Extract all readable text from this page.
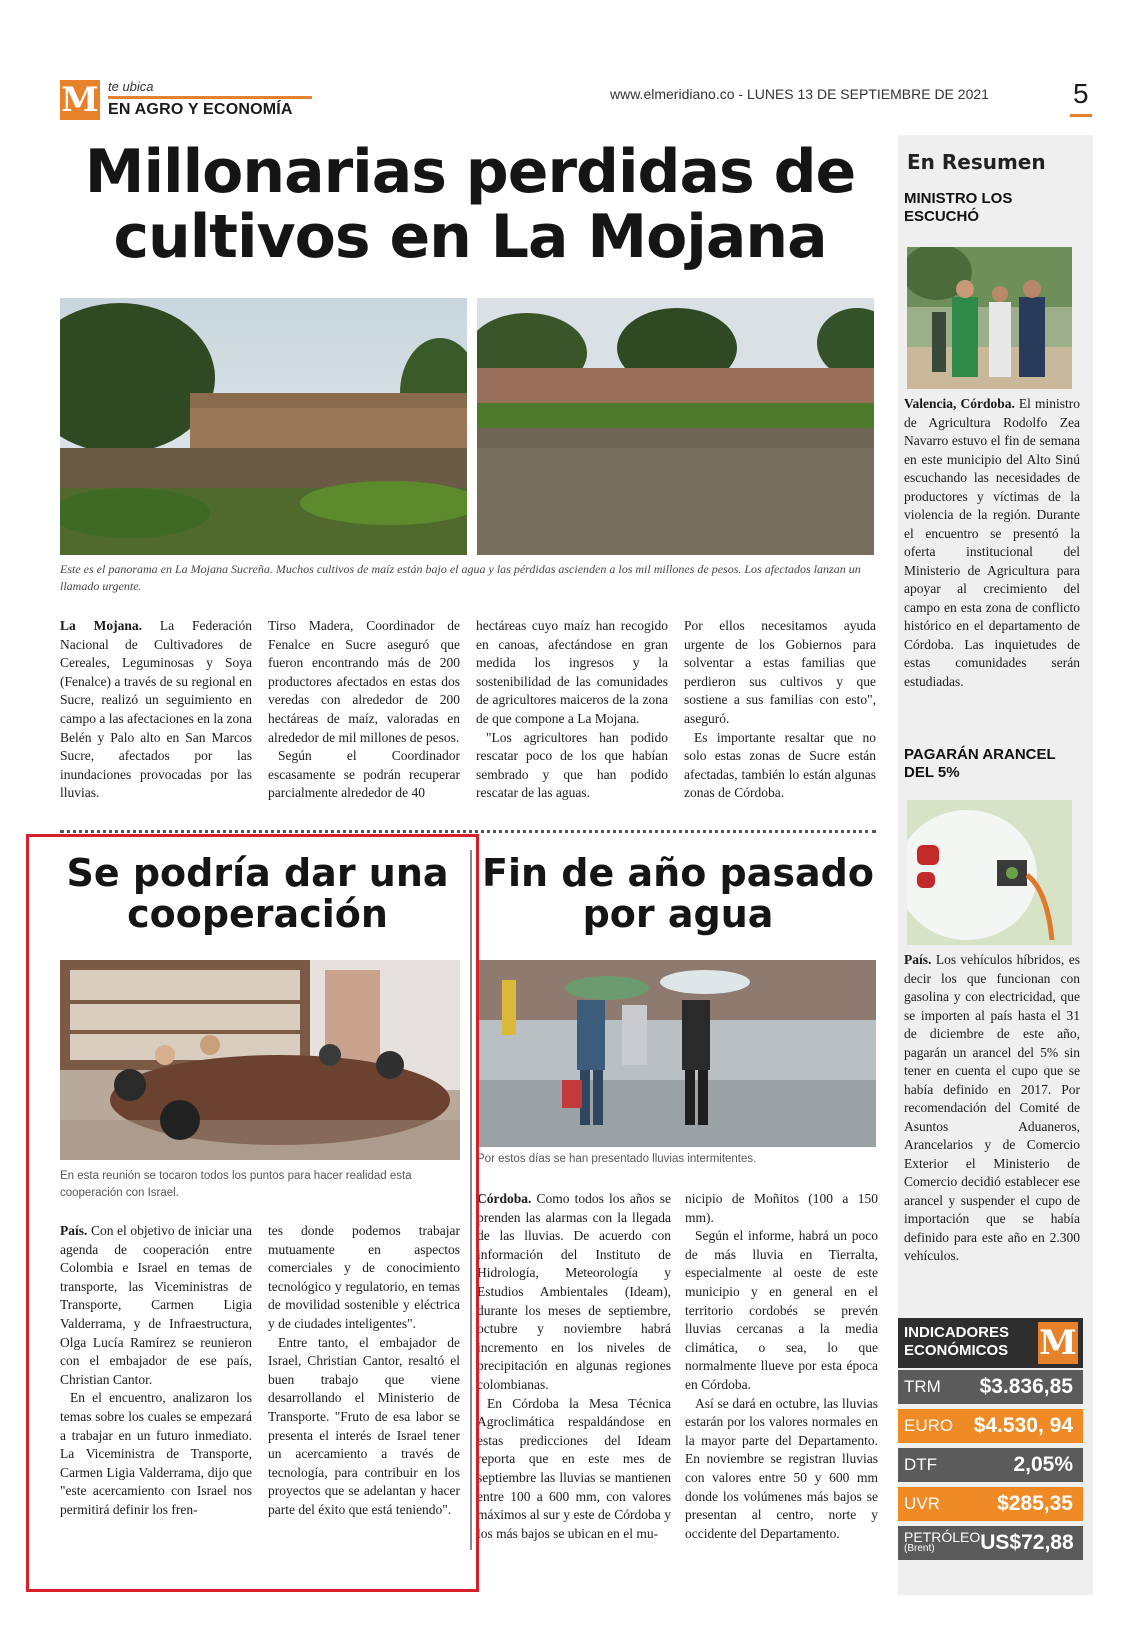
M te ubica
EN AGRO Y ECONOMÍA
www.elmeridiano.co - LUNES 13 DE SEPTIEMBRE DE 2021	5
Millonarias perdidas de cultivos en La Mojana
Este es el panorama en La Mojana Sucreña. Muchos cultivos de maíz están bajo el agua y las pérdidas ascienden a los mil millones de pesos. Los afectados lanzan un llamado urgente.

La Mojana. La Federación Nacional de Cultivadores de Cereales, Leguminosas y Soya (Fenalce) a través de su regional en Sucre, realizó un seguimiento en campo a las afectaciones en la zona Belén y Palo alto en San Marcos Sucre, afectados por las inundaciones provocadas por las lluvias.

Tirso Madera, Coordinador de Fenalce en Sucre aseguró que fueron encontrando más de 200 productores afectados en estas dos veredas con alrededor de 200 hectáreas de maíz, valoradas en alrededor de mil millones de pesos.

Según el Coordinador escasamente se podrán recuperar parcialmente alrededor de 40

hectáreas cuyo maíz han recogido en canoas, afectándose en gran medida los ingresos y la sostenibilidad de las comunidades de agricultores maiceros de la zona de que compone a La Mojana.

"Los agricultores han podido rescatar poco de los que habían sembrado y que han podido rescatar de las aguas.

Por ellos necesitamos ayuda urgente de los Gobiernos para solventar a estas familias que perdieron sus cultivos y que sostiene a sus familias con esto", aseguró.

Es importante resaltar que no solo estas zonas de Sucre están afectadas, también lo están algunas zonas de Córdoba.

Se podría dar una cooperación
En esta reunión se tocaron todos los puntos para hacer realidad esta cooperación con Israel.

País. Con el objetivo de iniciar una agenda de cooperación entre Colombia e Israel en temas de transporte, las Viceministras de Transporte, Carmen Ligia Valderrama, y de Infraestructura, Olga Lucía Ramírez se reunieron con el embajador de ese país, Christian Cantor.

En el encuentro, analizaron los temas sobre los cuales se empezará a trabajar en un futuro inmediato. La Viceministra de Transporte, Carmen Ligia Valderrama, dijo que "este acercamiento con Israel nos permitirá definir los fren-

tes donde podemos trabajar mutuamente en aspectos comerciales y de conocimiento tecnológico y regulatorio, en temas de movilidad sostenible y eléctrica y de ciudades inteligentes".

Entre tanto, el embajador de Israel, Christian Cantor, resaltó el buen trabajo que viene desarrollando el Ministerio de Transporte. "Fruto de esa labor se presenta el interés de Israel tener un acercamiento a través de tecnología, para contribuir en los proyectos que se adelantan y hacer parte del éxito que está teniendo".

Fin de año pasado por agua
Por estos días se han presentado lluvias intermitentes.

Córdoba. Como todos los años se prenden las alarmas con la llegada de las lluvias. De acuerdo con información del Instituto de Hidrología, Meteorología y Estudios Ambientales (Ideam), durante los meses de septiembre, octubre y noviembre habrá incremento en los niveles de precipitación en algunas regiones colombianas.

En Córdoba la Mesa Técnica Agroclimática respaldándose en estas predicciones del Ideam reporta que en este mes de septiembre las lluvias se mantienen entre 100 a 600 mm, con valores máximos al sur y este de Córdoba y los más bajos se ubican en el mu-

nicipio de Moñitos (100 a 150 mm).

Según el informe, habrá un poco de más lluvia en Tierralta, especialmente al oeste de este municipio y en general en el territorio cordobés se prevén lluvias cercanas a la media climática, o sea, lo que normalmente llueve por esta época en Córdoba.

Así se dará en octubre, las lluvias estarán por los valores normales en la mayor parte del Departamento. En noviembre se registran lluvias con valores entre 50 y 600 mm donde los volúmenes más bajos se presentan al centro, norte y occidente del Departamento.

En Resumen
MINISTRO LOS ESCUCHÓ
Valencia, Córdoba. El ministro de Agricultura Rodolfo Zea Navarro estuvo el fin de semana en este municipio del Alto Sinú escuchando las necesidades de productores y víctimas de la violencia de la región. Durante el encuentro se presentó la oferta institucional del Ministerio de Agricultura para apoyar al crecimiento del campo en esta zona de conflicto histórico en el departamento de Córdoba. Las inquietudes de estas comunidades serán estudiadas.
PAGARÁN ARANCEL DEL 5%
País. Los vehículos híbridos, es decir los que funcionan con gasolina y con electricidad, que se importen al país hasta el 31 de diciembre de este año, pagarán un arancel del 5% sin tener en cuenta el cupo que se había definido en 2017. Por recomendación del Comité de Asuntos Aduaneros, Arancelarios y de Comercio Exterior el Ministerio de Comercio decidió establecer ese arancel y suspender el cupo de importación que se había definido para este año en 2.300 vehículos.
INDICADORES ECONÓMICOS M
TRM $3.836,85
EURO $4.530, 94
DTF	2,05%
UVR	$285,35
PETRÓLEO
(Brent)	US$72,88
